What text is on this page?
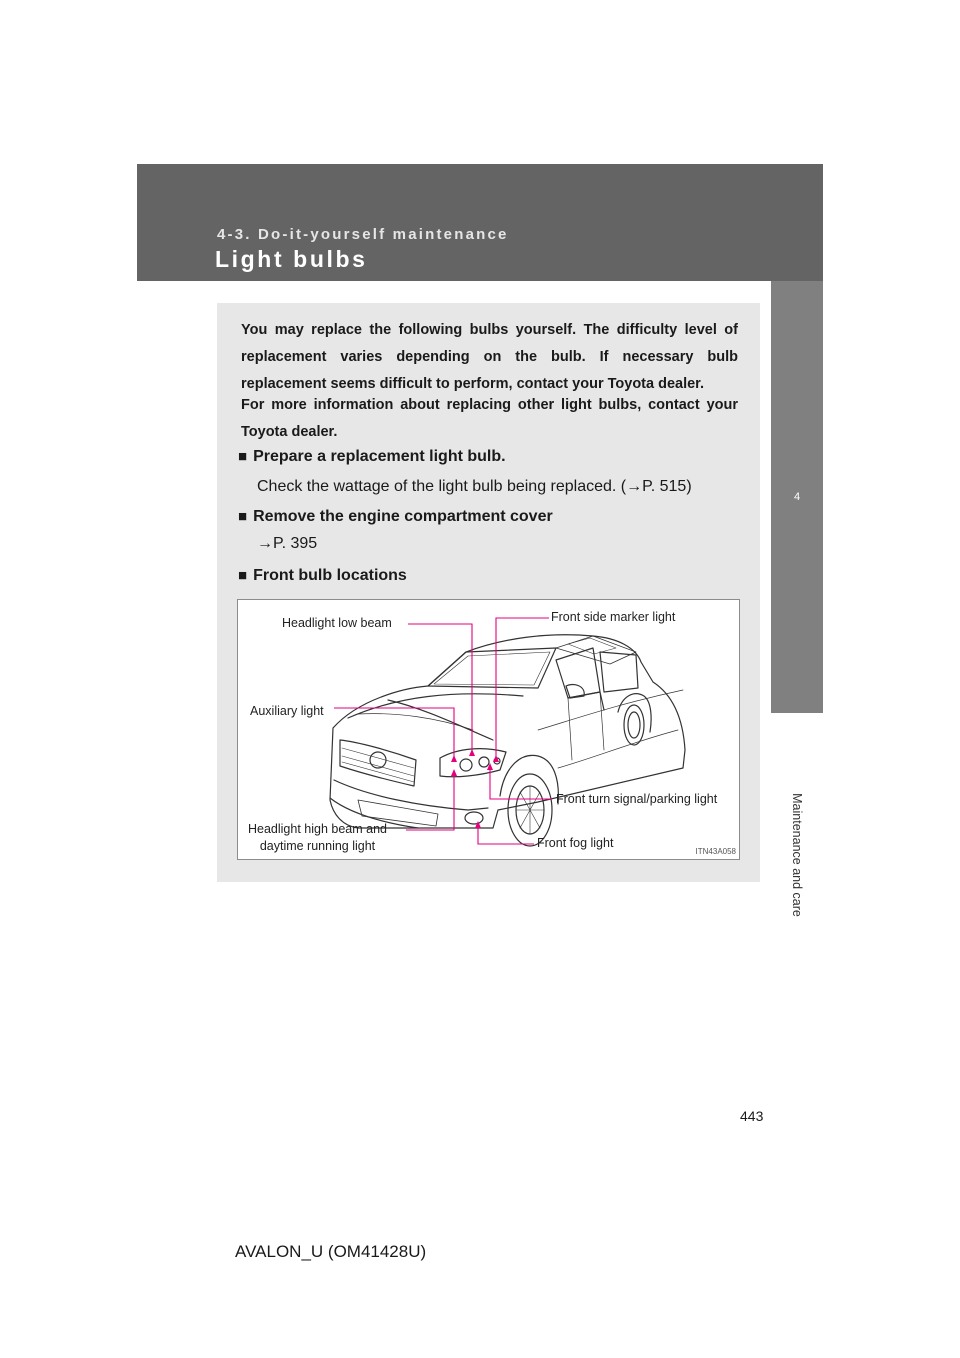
4-3. Do-it-yourself maintenance
Light bulbs
4
Maintenance and care

You may replace the following bulbs yourself. The difficulty level of replacement varies depending on the bulb. If necessary bulb replacement seems difficult to perform, contact your Toyota dealer.

For more information about replacing other light bulbs, contact your Toyota dealer.

■ Prepare a replacement light bulb.
Check the wattage of the light bulb being replaced. (→P. 515)
■ Remove the engine compartment cover
→P. 395
■ Front bulb locations
Headlight low beam	Front side marker light
Auxiliary light
Front turn signal/parking light
Headlight high beam and
daytime running light	Front fog light
ITN43A058
443
AVALON_U (OM41428U)
